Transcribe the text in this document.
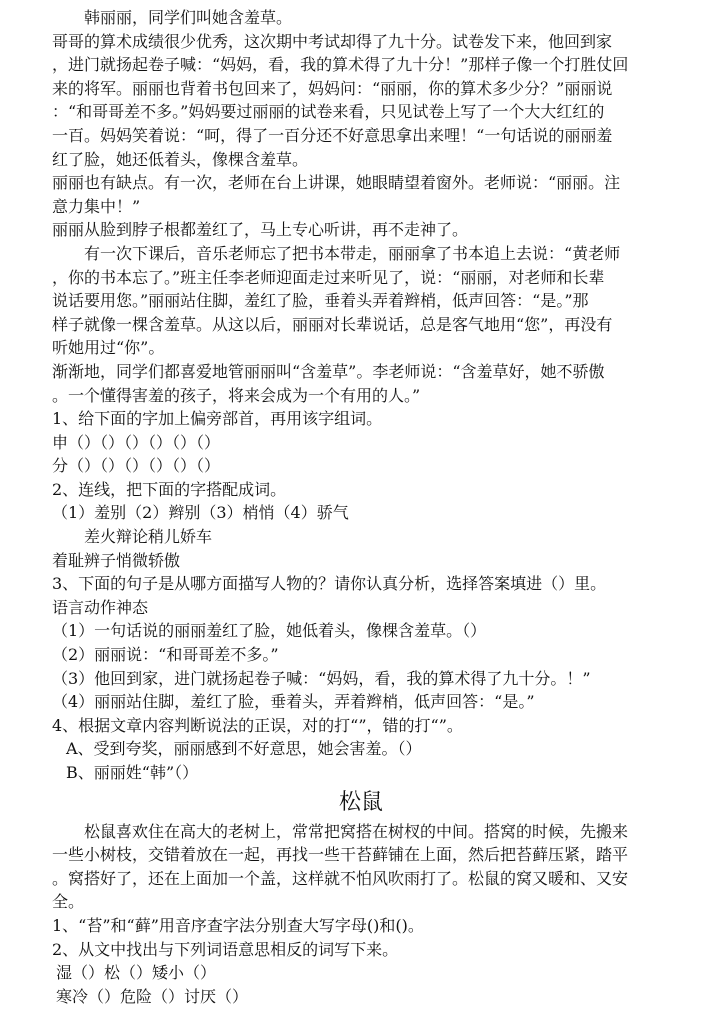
韩丽丽，同学们叫她含羞草。
哥哥的算术成绩很少优秀，这次期中考试却得了九十分。试卷发下来，他回到家
，进门就扬起卷子喊：“妈妈，看，我的算术得了九十分！”那样子像一个打胜仗回
来的将军。丽丽也背着书包回来了，妈妈问：“丽丽，你的算术多少分？”丽丽说
：“和哥哥差不多。”妈妈要过丽丽的试卷来看，只见试卷上写了一个大大红红的
一百。妈妈笑着说：“呵，得了一百分还不好意思拿出来哩！“一句话说的丽丽羞
红了脸，她还低着头，像棵含羞草。
丽丽也有缺点。有一次，老师在台上讲课，她眼睛望着窗外。老师说：“丽丽。注
意力集中！”
丽丽从脸到脖子根都羞红了，马上专心听讲，再不走神了。
有一次下课后，音乐老师忘了把书本带走，丽丽拿了书本追上去说：“黄老师
，你的书本忘了。”班主任李老师迎面走过来听见了，说：“丽丽，对老师和长辈
说话要用您。”丽丽站住脚，羞红了脸，垂着头弄着辫梢，低声回答：“是。”那
样子就像一棵含羞草。从这以后，丽丽对长辈说话，总是客气地用“您”，再没有
听她用过“你”。
渐渐地，同学们都喜爱地管丽丽叫“含羞草”。李老师说：“含羞草好，她不骄傲
。一个懂得害羞的孩子，将来会成为一个有用的人。”
1、给下面的字加上偏旁部首，再用该字组词。
申（）（）（）（）（）（）
分（）（）（）（）（）（）
2、连线，把下面的字搭配成词。
（1）羞别（2）辫别（3）梢悄（4）骄气
差火辩论稍儿娇车
着耻辨子悄微轿傲
3、下面的句子是从哪方面描写人物的？请你认真分析，选择答案填进（）里。
语言动作神态
（1）一句话说的丽丽羞红了脸，她低着头，像棵含羞草。（）
（2）丽丽说：“和哥哥差不多。”
（3）他回到家，进门就扬起卷子喊：“妈妈，看，我的算术得了九十分。！”
（4）丽丽站住脚，羞红了脸，垂着头，弄着辫梢，低声回答：“是。”
4、根据文章内容判断说法的正误，对的打“”，错的打“”。
A、受到夸奖，丽丽感到不好意思，她会害羞。（）
B、丽丽姓“韩”（）
松鼠
松鼠喜欢住在高大的老树上，常常把窝搭在树杈的中间。搭窝的时候，先搬来
一些小树枝，交错着放在一起，再找一些干苔藓铺在上面，然后把苔藓压紧，踏平
。窝搭好了，还在上面加一个盖，这样就不怕风吹雨打了。松鼠的窝又暖和、又安
全。
1、“苔”和“藓”用音序查字法分别查大写字母()和()。
2、从文中找出与下列词语意思相反的词写下来。
湿（）松（）矮小（）
寒冷（）危险（）讨厌（）
